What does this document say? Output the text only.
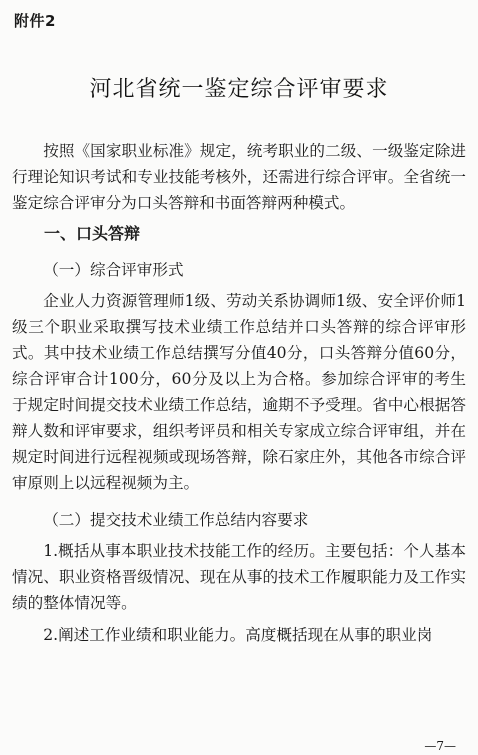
附件2
河北省统一鉴定综合评审要求

按照《国家职业标准》规定，统考职业的二级、一级鉴定除进行理论知识考试和专业技能考核外，还需进行综合评审。全省统一鉴定综合评审分为口头答辩和书面答辩两种模式。

一、口头答辩

（一）综合评审形式

企业人力资源管理师1级、劳动关系协调师1级、安全评价师1级三个职业采取撰写技术业绩工作总结并口头答辩的综合评审形式。其中技术业绩工作总结撰写分值40分，口头答辩分值60分，综合评审合计100分，60分及以上为合格。参加综合评审的考生于规定时间提交技术业绩工作总结，逾期不予受理。省中心根据答辩人数和评审要求，组织考评员和相关专家成立综合评审组，并在规定时间进行远程视频或现场答辩，除石家庄外，其他各市综合评审原则上以远程视频为主。

（二）提交技术业绩工作总结内容要求

1.概括从事本职业技术技能工作的经历。主要包括：个人基本情况、职业资格晋级情况、现在从事的技术工作履职能力及工作实绩的整体情况等。

2.阐述工作业绩和职业能力。高度概括现在从事的职业岗

—7—
